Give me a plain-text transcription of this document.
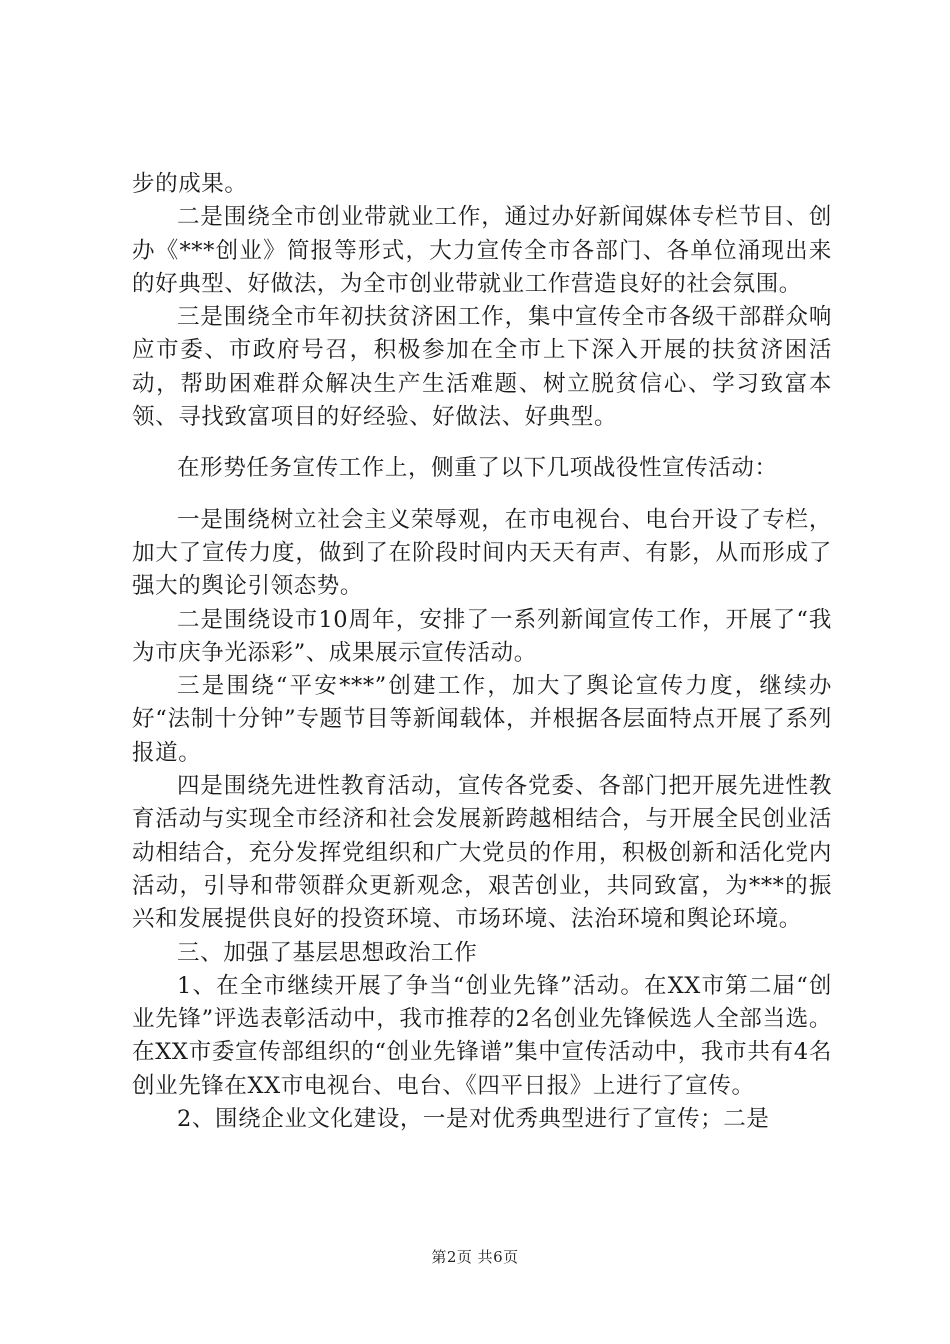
步的成果。

二是围绕全市创业带就业工作，通过办好新闻媒体专栏节目、创办《***创业》简报等形式，大力宣传全市各部门、各单位涌现出来的好典型、好做法，为全市创业带就业工作营造良好的社会氛围。

三是围绕全市年初扶贫济困工作，集中宣传全市各级干部群众响应市委、市政府号召，积极参加在全市上下深入开展的扶贫济困活动，帮助困难群众解决生产生活难题、树立脱贫信心、学习致富本领、寻找致富项目的好经验、好做法、好典型。

在形势任务宣传工作上，侧重了以下几项战役性宣传活动：

一是围绕树立社会主义荣辱观，在市电视台、电台开设了专栏，加大了宣传力度，做到了在阶段时间内天天有声、有影，从而形成了强大的舆论引领态势。

二是围绕设市10周年，安排了一系列新闻宣传工作，开展了“我为市庆争光添彩”、成果展示宣传活动。

三是围绕“平安***”创建工作，加大了舆论宣传力度，继续办好“法制十分钟”专题节目等新闻载体，并根据各层面特点开展了系列报道。

四是围绕先进性教育活动，宣传各党委、各部门把开展先进性教育活动与实现全市经济和社会发展新跨越相结合，与开展全民创业活动相结合，充分发挥党组织和广大党员的作用，积极创新和活化党内活动，引导和带领群众更新观念，艰苦创业，共同致富，为***的振兴和发展提供良好的投资环境、市场环境、法治环境和舆论环境。

三、加强了基层思想政治工作

1、在全市继续开展了争当“创业先锋”活动。在XX市第二届“创业先锋”评选表彰活动中，我市推荐的2名创业先锋候选人全部当选。在XX市委宣传部组织的“创业先锋谱”集中宣传活动中，我市共有4名创业先锋在XX市电视台、电台、《四平日报》上进行了宣传。

2、围绕企业文化建设，一是对优秀典型进行了宣传；二是

第2页 共6页
